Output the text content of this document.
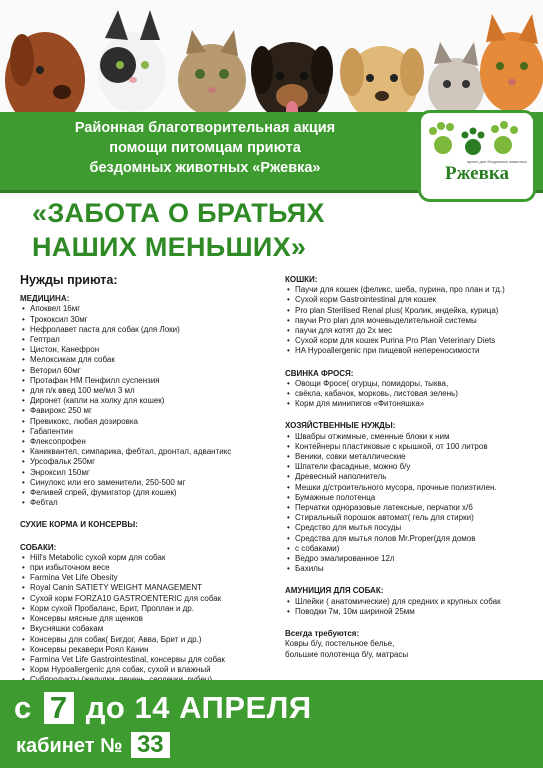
Районная благотворительная акция
помощи питомцам приюта
бездомных животных «Ржевка»	Ржевка
приют для бездомных животных
«ЗАБОТА О БРАТЬЯХ
НАШИХ МЕНЬШИХ»
Нужды приюта:
МЕДИЦИНА:
• Апоквел 16мг
• Трококсил 30мг
• Нефролавет паста для собак (для Локи)
• Гептрал
• Цистон, Канефрон
• Мелоксикам для собак
• Веторил 60мг
• Протафан НМ Пенфилл суспензия
• для п/к введ 100 ме/мл 3 мл
• Диронет (капли на холку для кошек)
• Фавирокс 250 мг
• Превикокс, любая дозировка
• Габапентин
• Флексопрофен
• Каниквантел, симпарика, фебтал, дронтал, адвантикс
• Урсофальк 250мг
• Энроксил 150мг
• Синулокс или его заменители, 250-500 мг
• Феливей спрей, фумигатор (для кошек)
• Фебтал
СУХИЕ КОРМА И КОНСЕРВЫ:
СОБАКИ:
• Hill's Metabolic сухой корм для собак
• при избыточном весе
• Farmina Vet Life Obesity
• Royal Canin SATIETY WEIGHT MANAGEMENT
• Сухой корм FORZA10 GASTROENTERIC для собак
• Корм сухой Пробаланс, Брит, Проплан и др.
• Консервы мясные для щенков
• Вкусняшки собакам
• Консервы для собак( Бигдог, Авва, Брит и др.)
• Консервы рекавери Роял Канин
• Farmina Vet Life Gastrointestinal, консервы для собак
• Корм Hypoallergenic для собак, сухой и влажный
•
КОШКИ:
• Паучи для кошек (феликс, шеба, пурина, про план и тд.)
• Сухой корм Gastrointestinal для кошек
• Pro plan Sterilised Renal plus( Кролик, индейка, курица)
• паучи Pro plan для мочевыделительной системы
• паучи для котят до 2х мес
• Сухой корм для кошек Purina Pro Plan Veterinary Diets
• HA Hypoallergenic при пищевой непереносимости
СВИНКА ФРОСЯ:
• Овощи Фросе( огурцы, помидоры, тыква,
• свёкла, кабачок, морковь, листовая зелень)
• Корм для минипигов «Фитоняшка»
ХОЗЯЙСТВЕННЫЕ НУЖДЫ:
• Швабры отжимные, сменные блоки к ним
• Контейнеры пластиковые с крышкой, от 100 литров
• Веники, совки металлические
• Шпатели фасадные, можно б/у
• Древесный наполнитель
• Мешки д/строительного мусора, прочные полиэтилен.
• Бумажные полотенца
• Перчатки одноразовые латексные, перчатки х/б
• Стиральный порошок автомат( гель для стирки)
• Средство для мытья посуды
• Средства для мытья полов Mr.Proper(для домов
• с собаками)
• Ведро эмалированное 12л
• Бахилы
АМУНИЦИЯ ДЛЯ СОБАК:
• Шлейки ( анатомические) для средних и крупных собак
• Поводки 7м, 10м шириной 25мм
Всегда требуются:
Ковры б/у, постельное белье,
большие полотенца б/у, матрасы
с 7 до 14 АПРЕЛЯ
кабинет № 33
